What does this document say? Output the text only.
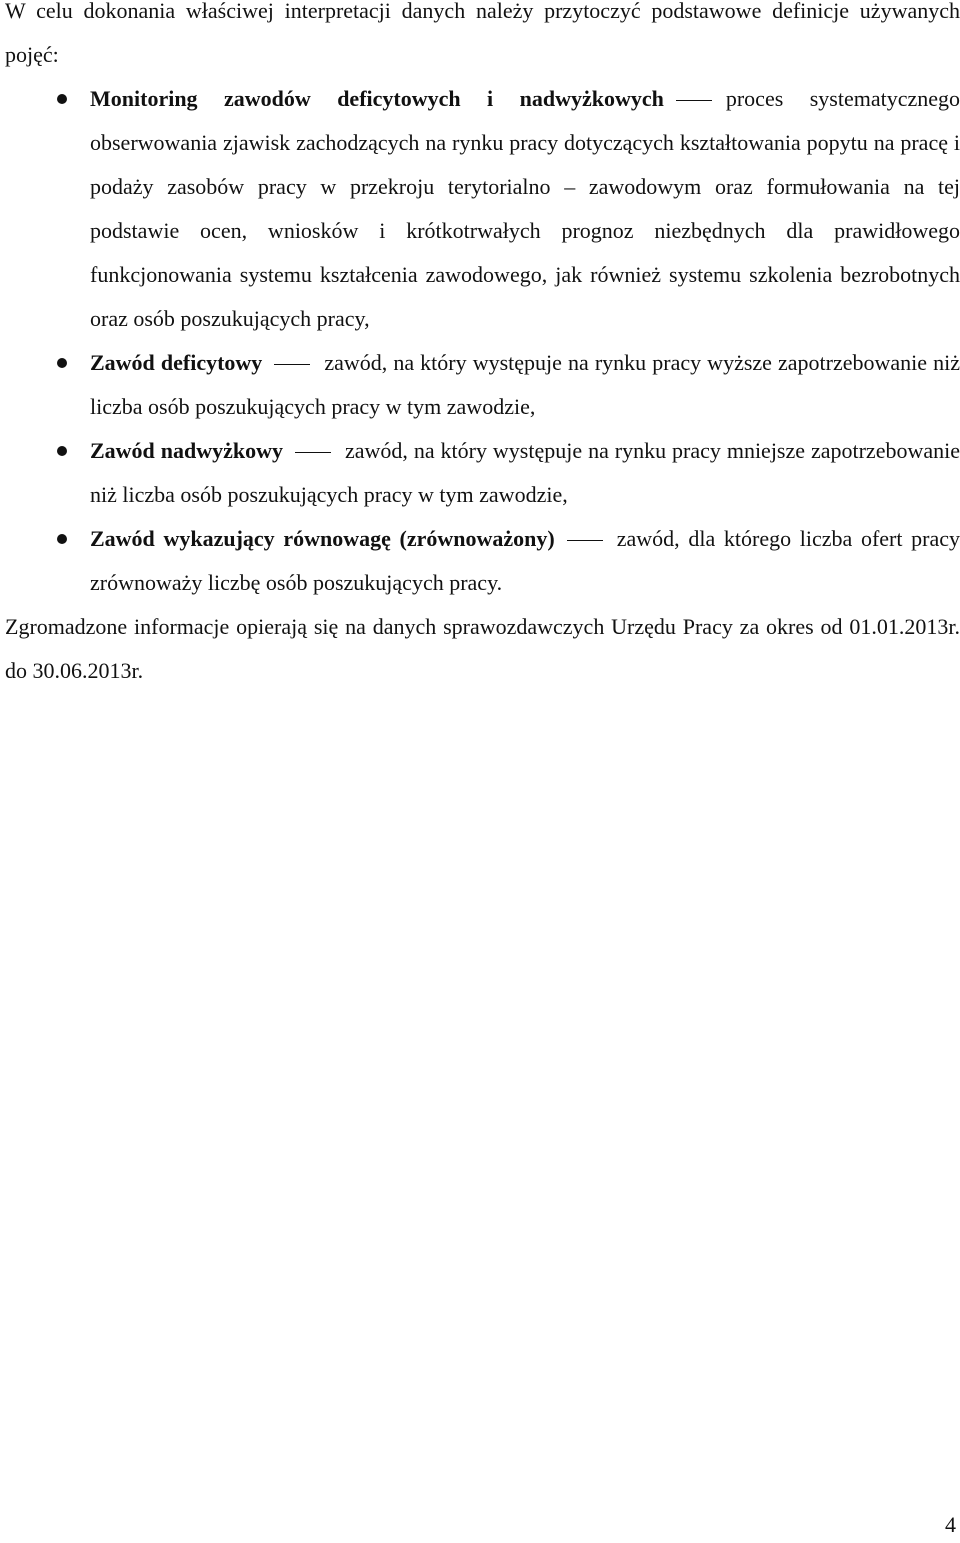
W celu dokonania właściwej interpretacji danych należy przytoczyć podstawowe definicje używanych pojęć:

Monitoring zawodów deficytowych i nadwyżkowych	proces systematycznego obserwowania zjawisk zachodzących na rynku pracy dotyczących kształtowania popytu na pracę i podaży zasobów pracy w przekroju terytorialno – zawodowym oraz formułowania na tej podstawie ocen, wniosków i krótkotrwałych prognoz niezbędnych dla prawidłowego funkcjonowania systemu kształcenia zawodowego, jak również systemu szkolenia bezrobotnych oraz osób poszukujących pracy,
Zawód deficytowy	zawód, na który występuje na rynku pracy wyższe zapotrzebowanie niż liczba osób poszukujących pracy w tym zawodzie,
Zawód nadwyżkowy	zawód, na który występuje na rynku pracy mniejsze zapotrzebowanie niż liczba osób poszukujących pracy w tym zawodzie,
Zawód wykazujący równowagę (zrównoważony)	zawód, dla którego liczba ofert pracy zrównoważy liczbę osób poszukujących pracy.

Zgromadzone informacje opierają się na danych sprawozdawczych Urzędu Pracy za okres od 01.01.2013r. do 30.06.2013r.

4
